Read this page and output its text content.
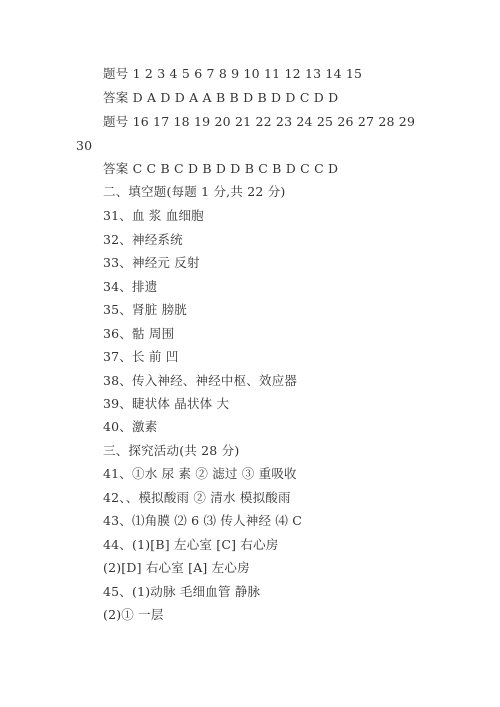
题号 1 2 3 4 5 6 7 8 9 10 11 12 13 14 15
答案 D A D D A A B B D B D D C D D
题号 16 17 18 19 20 21 22 23 24 25 26 27 28 29
30
答案 C C B C D B D D B C B D C C D
二、填空题(每题 1 分,共 22 分)
31、血 浆 血细胞
32、神经系统
33、神经元 反射
34、排遗
35、肾脏 膀胱
36、骷 周围
37、长 前 凹
38、传入神经、神经中枢、效应器
39、睫状体 晶状体 大
40、激素
三、探究活动(共 28 分)
41、①水 尿 素 ② 滤过 ③ 重吸收
42、、模拟酸雨 ② 清水 模拟酸雨
43、⑴角膜 ⑵ 6 ⑶ 传人神经 ⑷ C
44、(1)[B] 左心室 [C] 右心房
(2)[D] 右心室 [A] 左心房
45、(1)动脉 毛细血管 静脉
(2)① 一层
